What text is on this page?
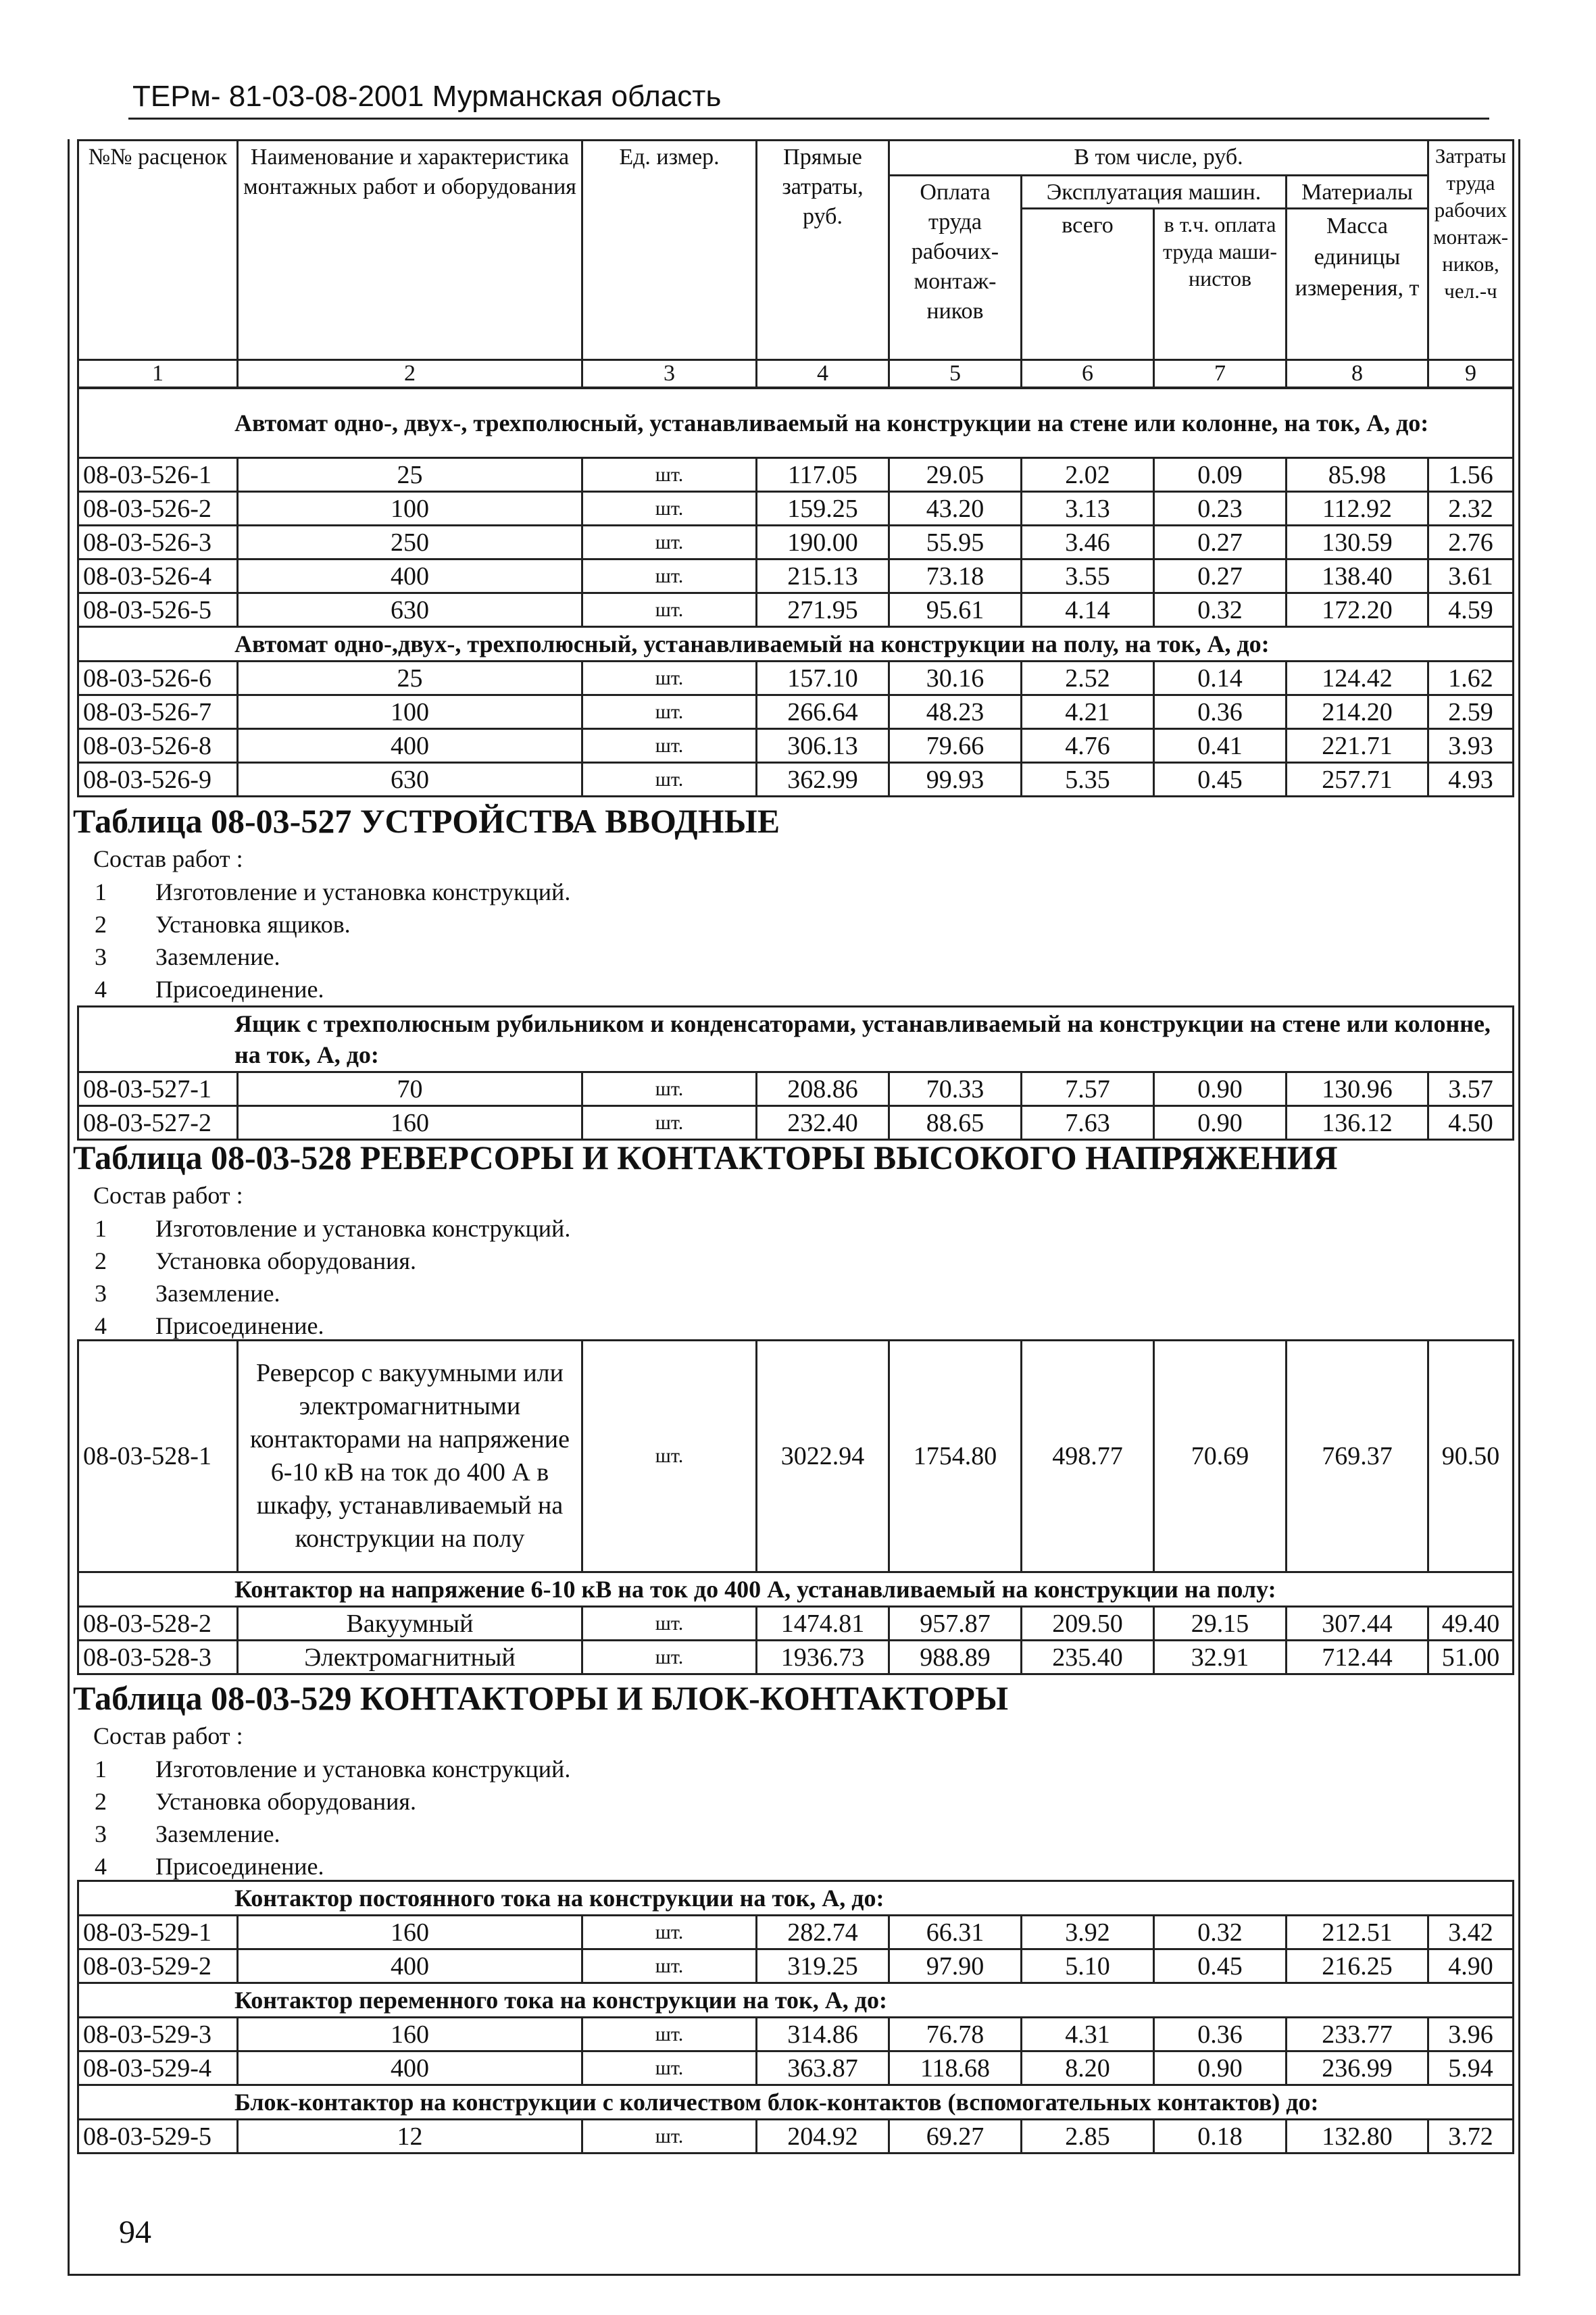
ТЕРм- 81-03-08-2001 Мурманская область
№№ расценок	Наименование и характеристика монтажных работ и оборудования	Ед. измер.	Прямые затраты, руб.	В том числе, руб.				Затраты труда рабочих монтаж-ников, чел.-ч
				Оплата труда рабочих-монтаж-ников	Эксплуатация машин.		Материалы	
					всего	в т.ч. оплата труда маши-нистов	Масса единицы измерения, т	
1	2	3	4	5	6	7	8	9
Автомат одно-, двух-, трехполюсный, устанавливаемый на конструкции на стене или колонне, на ток, А, до:								
08-03-526-1	25	шт.	117.05	29.05	2.02	0.09	85.98	1.56
08-03-526-2	100	шт.	159.25	43.20	3.13	0.23	112.92	2.32
08-03-526-3	250	шт.	190.00	55.95	3.46	0.27	130.59	2.76
08-03-526-4	400	шт.	215.13	73.18	3.55	0.27	138.40	3.61
08-03-526-5	630	шт.	271.95	95.61	4.14	0.32	172.20	4.59
Автомат одно-,двух-, трехполюсный, устанавливаемый на конструкции на полу, на ток, А, до:								
08-03-526-6	25	шт.	157.10	30.16	2.52	0.14	124.42	1.62
08-03-526-7	100	шт.	266.64	48.23	4.21	0.36	214.20	2.59
08-03-526-8	400	шт.	306.13	79.66	4.76	0.41	221.71	3.93
08-03-526-9	630	шт.	362.99	99.93	5.35	0.45	257.71	4.93
Таблица 08-03-527 УСТРОЙСТВА ВВОДНЫЕ
Состав работ :
1 Изготовление и установка конструкций.
2 Установка ящиков.
3 Заземление.
4 Присоединение.
Ящик с трехполюсным рубильником и конденсаторами, устанавливаемый на конструкции на стене или колонне, на ток, А, до:								
08-03-527-1	70	шт.	208.86	70.33	7.57	0.90	130.96	3.57
08-03-527-2	160	шт.	232.40	88.65	7.63	0.90	136.12	4.50
Таблица 08-03-528 РЕВЕРСОРЫ И КОНТАКТОРЫ ВЫСОКОГО НАПРЯЖЕНИЯ
Состав работ :
1 Изготовление и установка конструкций.
2 Установка оборудования.
3 Заземление.
4 Присоединение.
08-03-528-1	Реверсор с вакуумными или электромагнитными контакторами на напряжение 6-10 кВ на ток до 400 А в шкафу, устанавливаемый на конструкции на полу	шт.	3022.94	1754.80	498.77	70.69	769.37	90.50
Контактор на напряжение 6-10 кВ на ток до 400 А, устанавливаемый на конструкции на полу:								
08-03-528-2	Вакуумный	шт.	1474.81	957.87	209.50	29.15	307.44	49.40
08-03-528-3	Электромагнитный	шт.	1936.73	988.89	235.40	32.91	712.44	51.00
Таблица 08-03-529 КОНТАКТОРЫ И БЛОК-КОНТАКТОРЫ
Состав работ :
1 Изготовление и установка конструкций.
2 Установка оборудования.
3 Заземление.
4 Присоединение.
Контактор постоянного тока на конструкции на ток, А, до:								
08-03-529-1	160	шт.	282.74	66.31	3.92	0.32	212.51	3.42
08-03-529-2	400	шт.	319.25	97.90	5.10	0.45	216.25	4.90
Контактор переменного тока на конструкции на ток, А, до:								
08-03-529-3	160	шт.	314.86	76.78	4.31	0.36	233.77	3.96
08-03-529-4	400	шт.	363.87	118.68	8.20	0.90	236.99	5.94
Блок-контактор на конструкции с количеством блок-контактов (вспомогательных контактов) до:								
08-03-529-5	12	шт.	204.92	69.27	2.85	0.18	132.80	3.72
94
